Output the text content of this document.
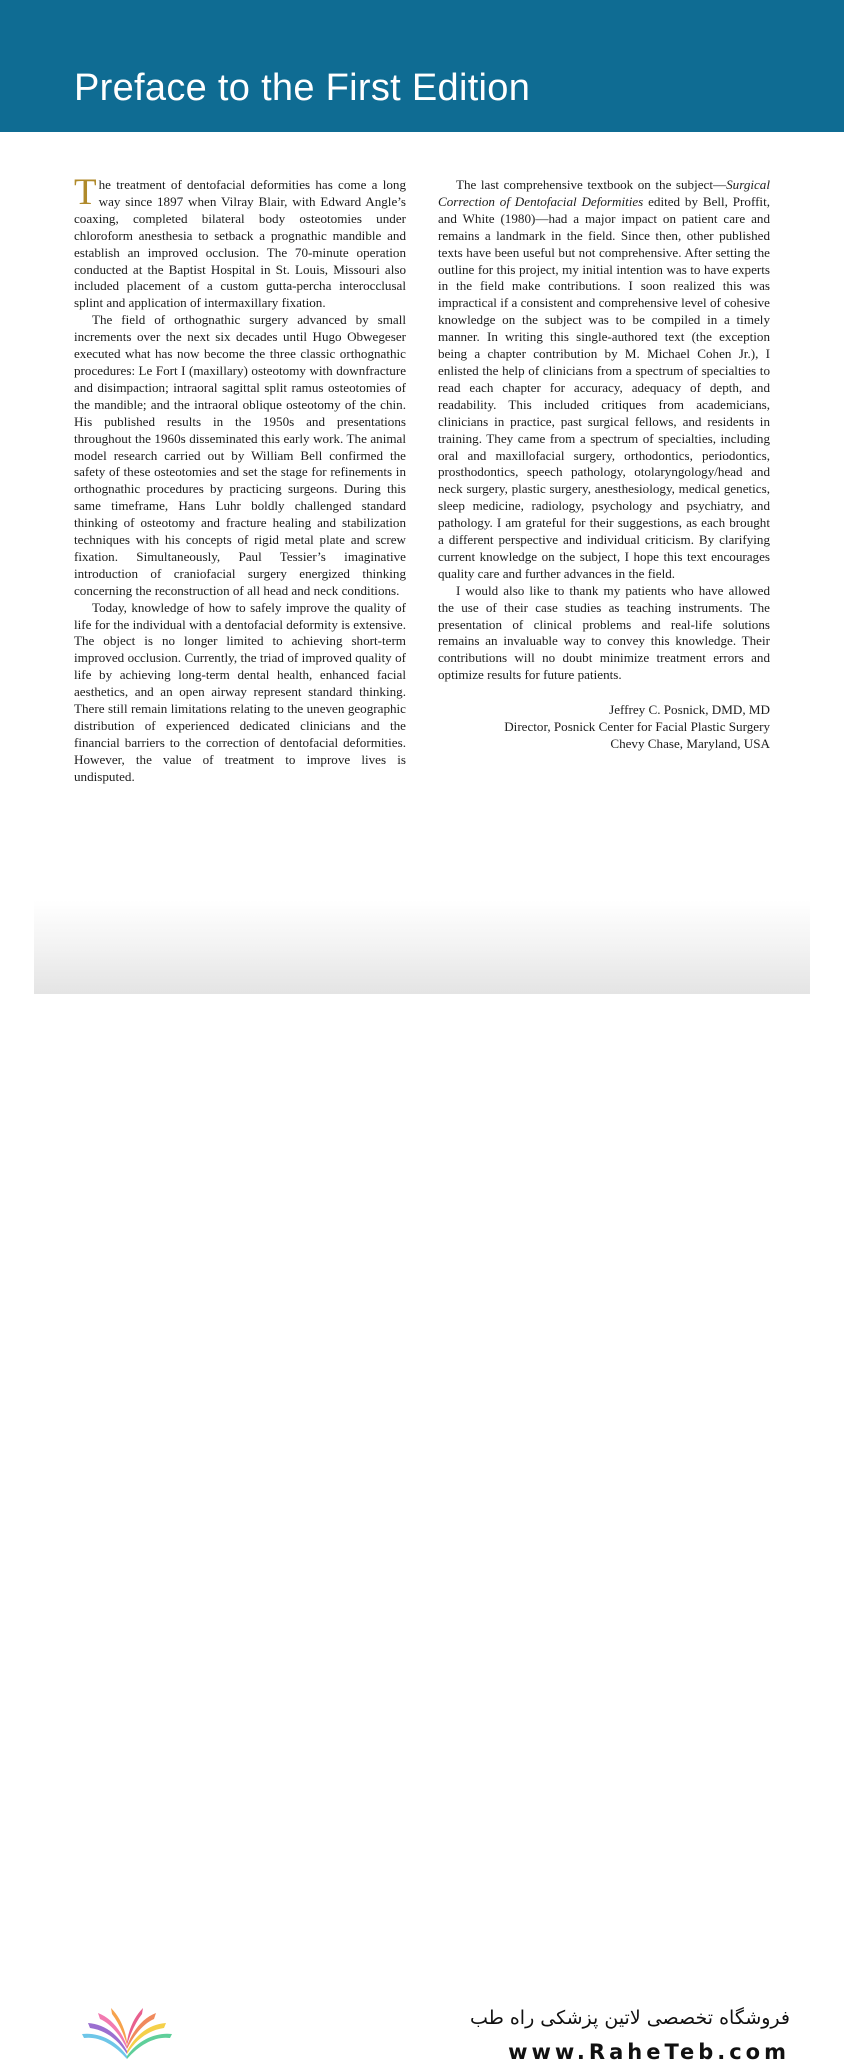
Preface to the First Edition

The treatment of dentofacial deformities has come a long way since 1897 when Vilray Blair, with Edward Angle’s coaxing, completed bilateral body osteotomies under chloroform anesthesia to setback a prognathic mandible and establish an improved occlusion. The 70-minute operation conducted at the Baptist Hospital in St. Louis, Missouri also included placement of a custom gutta-percha interocclusal splint and application of intermaxillary fixation.

The field of orthognathic surgery advanced by small increments over the next six decades until Hugo Obwegeser executed what has now become the three classic orthognathic procedures: Le Fort I (maxillary) osteotomy with downfracture and disimpaction; intraoral sagittal split ramus osteotomies of the mandible; and the intraoral oblique osteotomy of the chin. His published results in the 1950s and presentations throughout the 1960s disseminated this early work. The animal model research carried out by William Bell confirmed the safety of these osteotomies and set the stage for refinements in orthognathic procedures by practicing surgeons. During this same timeframe, Hans Luhr boldly challenged standard thinking of osteotomy and fracture healing and stabilization techniques with his concepts of rigid metal plate and screw fixation. Simultaneously, Paul Tessier’s imaginative introduction of craniofacial surgery energized thinking concerning the reconstruction of all head and neck conditions.

Today, knowledge of how to safely improve the quality of life for the individual with a dentofacial deformity is extensive. The object is no longer limited to achieving short-term improved occlusion. Currently, the triad of improved quality of life by achieving long-term dental health, enhanced facial aesthetics, and an open airway represent standard thinking. There still remain limitations relating to the uneven geographic distribution of experienced dedicated clinicians and the financial barriers to the correction of dentofacial deformities. However, the value of treatment to improve lives is undisputed.

The last comprehensive textbook on the subject—Surgical Correction of Dentofacial Deformities edited by Bell, Proffit, and White (1980)—had a major impact on patient care and remains a landmark in the field. Since then, other published texts have been useful but not comprehensive. After setting the outline for this project, my initial intention was to have experts in the field make contributions. I soon realized this was impractical if a consistent and comprehensive level of cohesive knowledge on the subject was to be compiled in a timely manner. In writing this single-authored text (the exception being a chapter contribution by M. Michael Cohen Jr.), I enlisted the help of clinicians from a spectrum of specialties to read each chapter for accuracy, adequacy of depth, and readability. This included critiques from academicians, clinicians in practice, past surgical fellows, and residents in training. They came from a spectrum of specialties, including oral and maxillofacial surgery, orthodontics, periodontics, prosthodontics, speech pathology, otolaryngology/head and neck surgery, plastic surgery, anesthesiology, medical genetics, sleep medicine, radiology, psychology and psychiatry, and pathology. I am grateful for their suggestions, as each brought a different perspective and individual criticism. By clarifying current knowledge on the subject, I hope this text encourages quality care and further advances in the field.

I would also like to thank my patients who have allowed the use of their case studies as teaching instruments. The presentation of clinical problems and real-life solutions remains an invaluable way to convey this knowledge. Their contributions will no doubt minimize treatment errors and optimize results for future patients.

Jeffrey C. Posnick, DMD, MD
Director, Posnick Center for Facial Plastic Surgery
Chevy Chase, Maryland, USA
فروشگاه تخصصی لاتین پزشکی راه طب
www.RaheTeb.com
